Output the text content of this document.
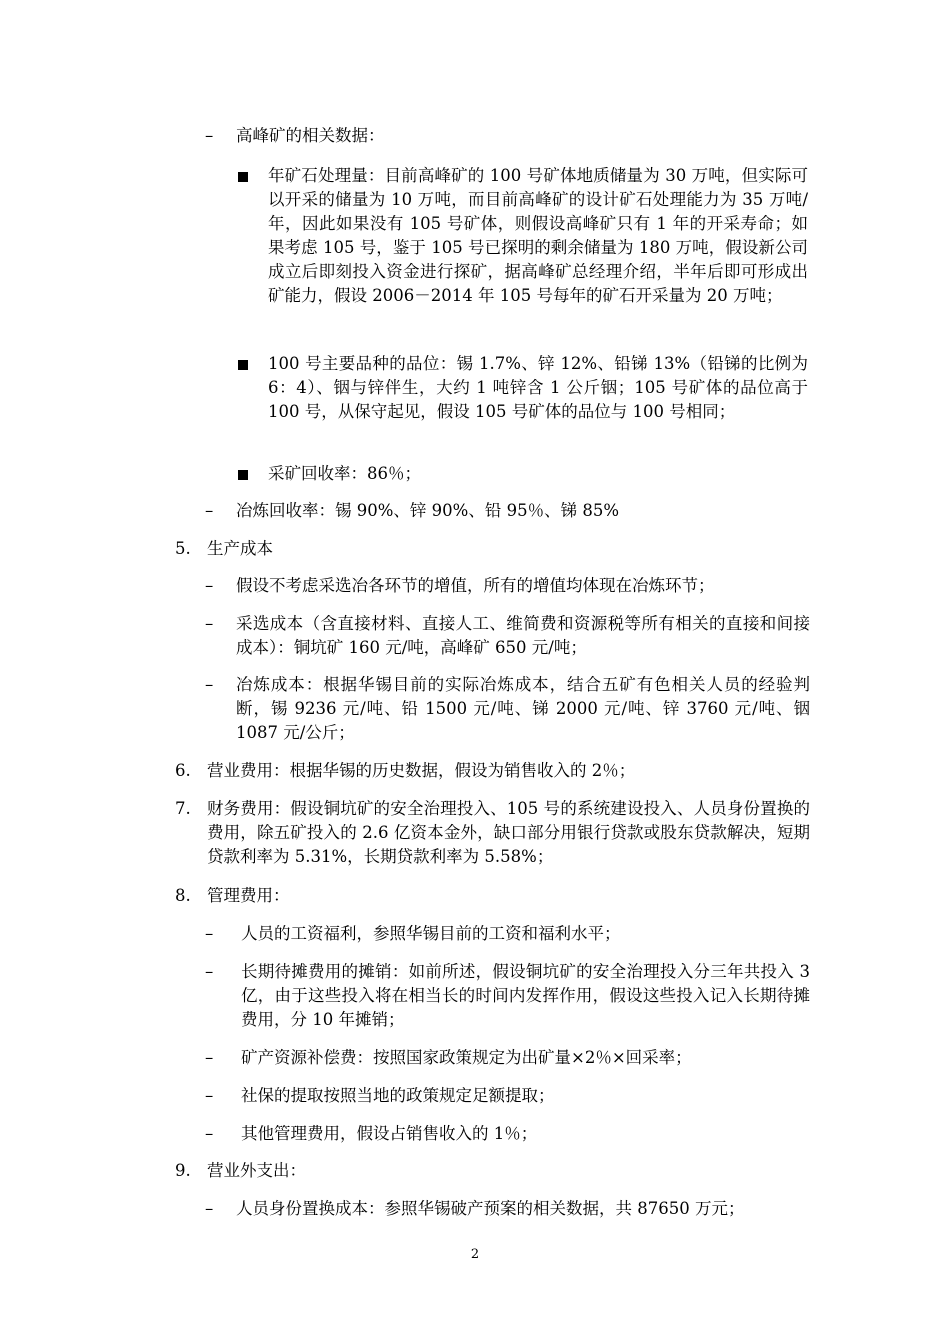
– 高峰矿的相关数据：
年矿石处理量：目前高峰矿的 100 号矿体地质储量为 30 万吨，但实际可以开采的储量为 10 万吨，而目前高峰矿的设计矿石处理能力为 35 万吨/年，因此如果没有 105 号矿体，则假设高峰矿只有 1 年的开采寿命；如果考虑 105 号，鉴于 105 号已探明的剩余储量为 180 万吨，假设新公司成立后即刻投入资金进行探矿，据高峰矿总经理介绍，半年后即可形成出矿能力，假设 2006－2014 年 105 号每年的矿石开采量为 20 万吨；
100 号主要品种的品位：锡 1.7%、锌 12%、铅锑 13%（铅锑的比例为 6：4）、铟与锌伴生，大约 1 吨锌含 1 公斤铟；105 号矿体的品位高于 100 号，从保守起见，假设 105 号矿体的品位与 100 号相同；
采矿回收率：86％；
– 冶炼回收率：锡 90%、锌 90%、铅 95％、锑 85%
5. 生产成本
– 假设不考虑采选冶各环节的增值，所有的增值均体现在冶炼环节；
– 采选成本（含直接材料、直接人工、维简费和资源税等所有相关的直接和间接成本）：铜坑矿 160 元/吨，高峰矿 650 元/吨；
– 冶炼成本：根据华锡目前的实际冶炼成本，结合五矿有色相关人员的经验判断，锡 9236 元/吨、铅 1500 元/吨、锑 2000 元/吨、锌 3760 元/吨、铟 1087 元/公斤；
6. 营业费用：根据华锡的历史数据，假设为销售收入的 2％；
7. 财务费用：假设铜坑矿的安全治理投入、105 号的系统建设投入、人员身份置换的费用，除五矿投入的 2.6 亿资本金外，缺口部分用银行贷款或股东贷款解决，短期贷款利率为 5.31%，长期贷款利率为 5.58%；
8. 管理费用：
– 人员的工资福利，参照华锡目前的工资和福利水平；
– 长期待摊费用的摊销：如前所述，假设铜坑矿的安全治理投入分三年共投入 3 亿，由于这些投入将在相当长的时间内发挥作用，假设这些投入记入长期待摊费用，分 10 年摊销；
– 矿产资源补偿费：按照国家政策规定为出矿量×2％×回采率；
– 社保的提取按照当地的政策规定足额提取；
– 其他管理费用，假设占销售收入的 1％；
9. 营业外支出：
– 人员身份置换成本：参照华锡破产预案的相关数据，共 87650 万元；
2
